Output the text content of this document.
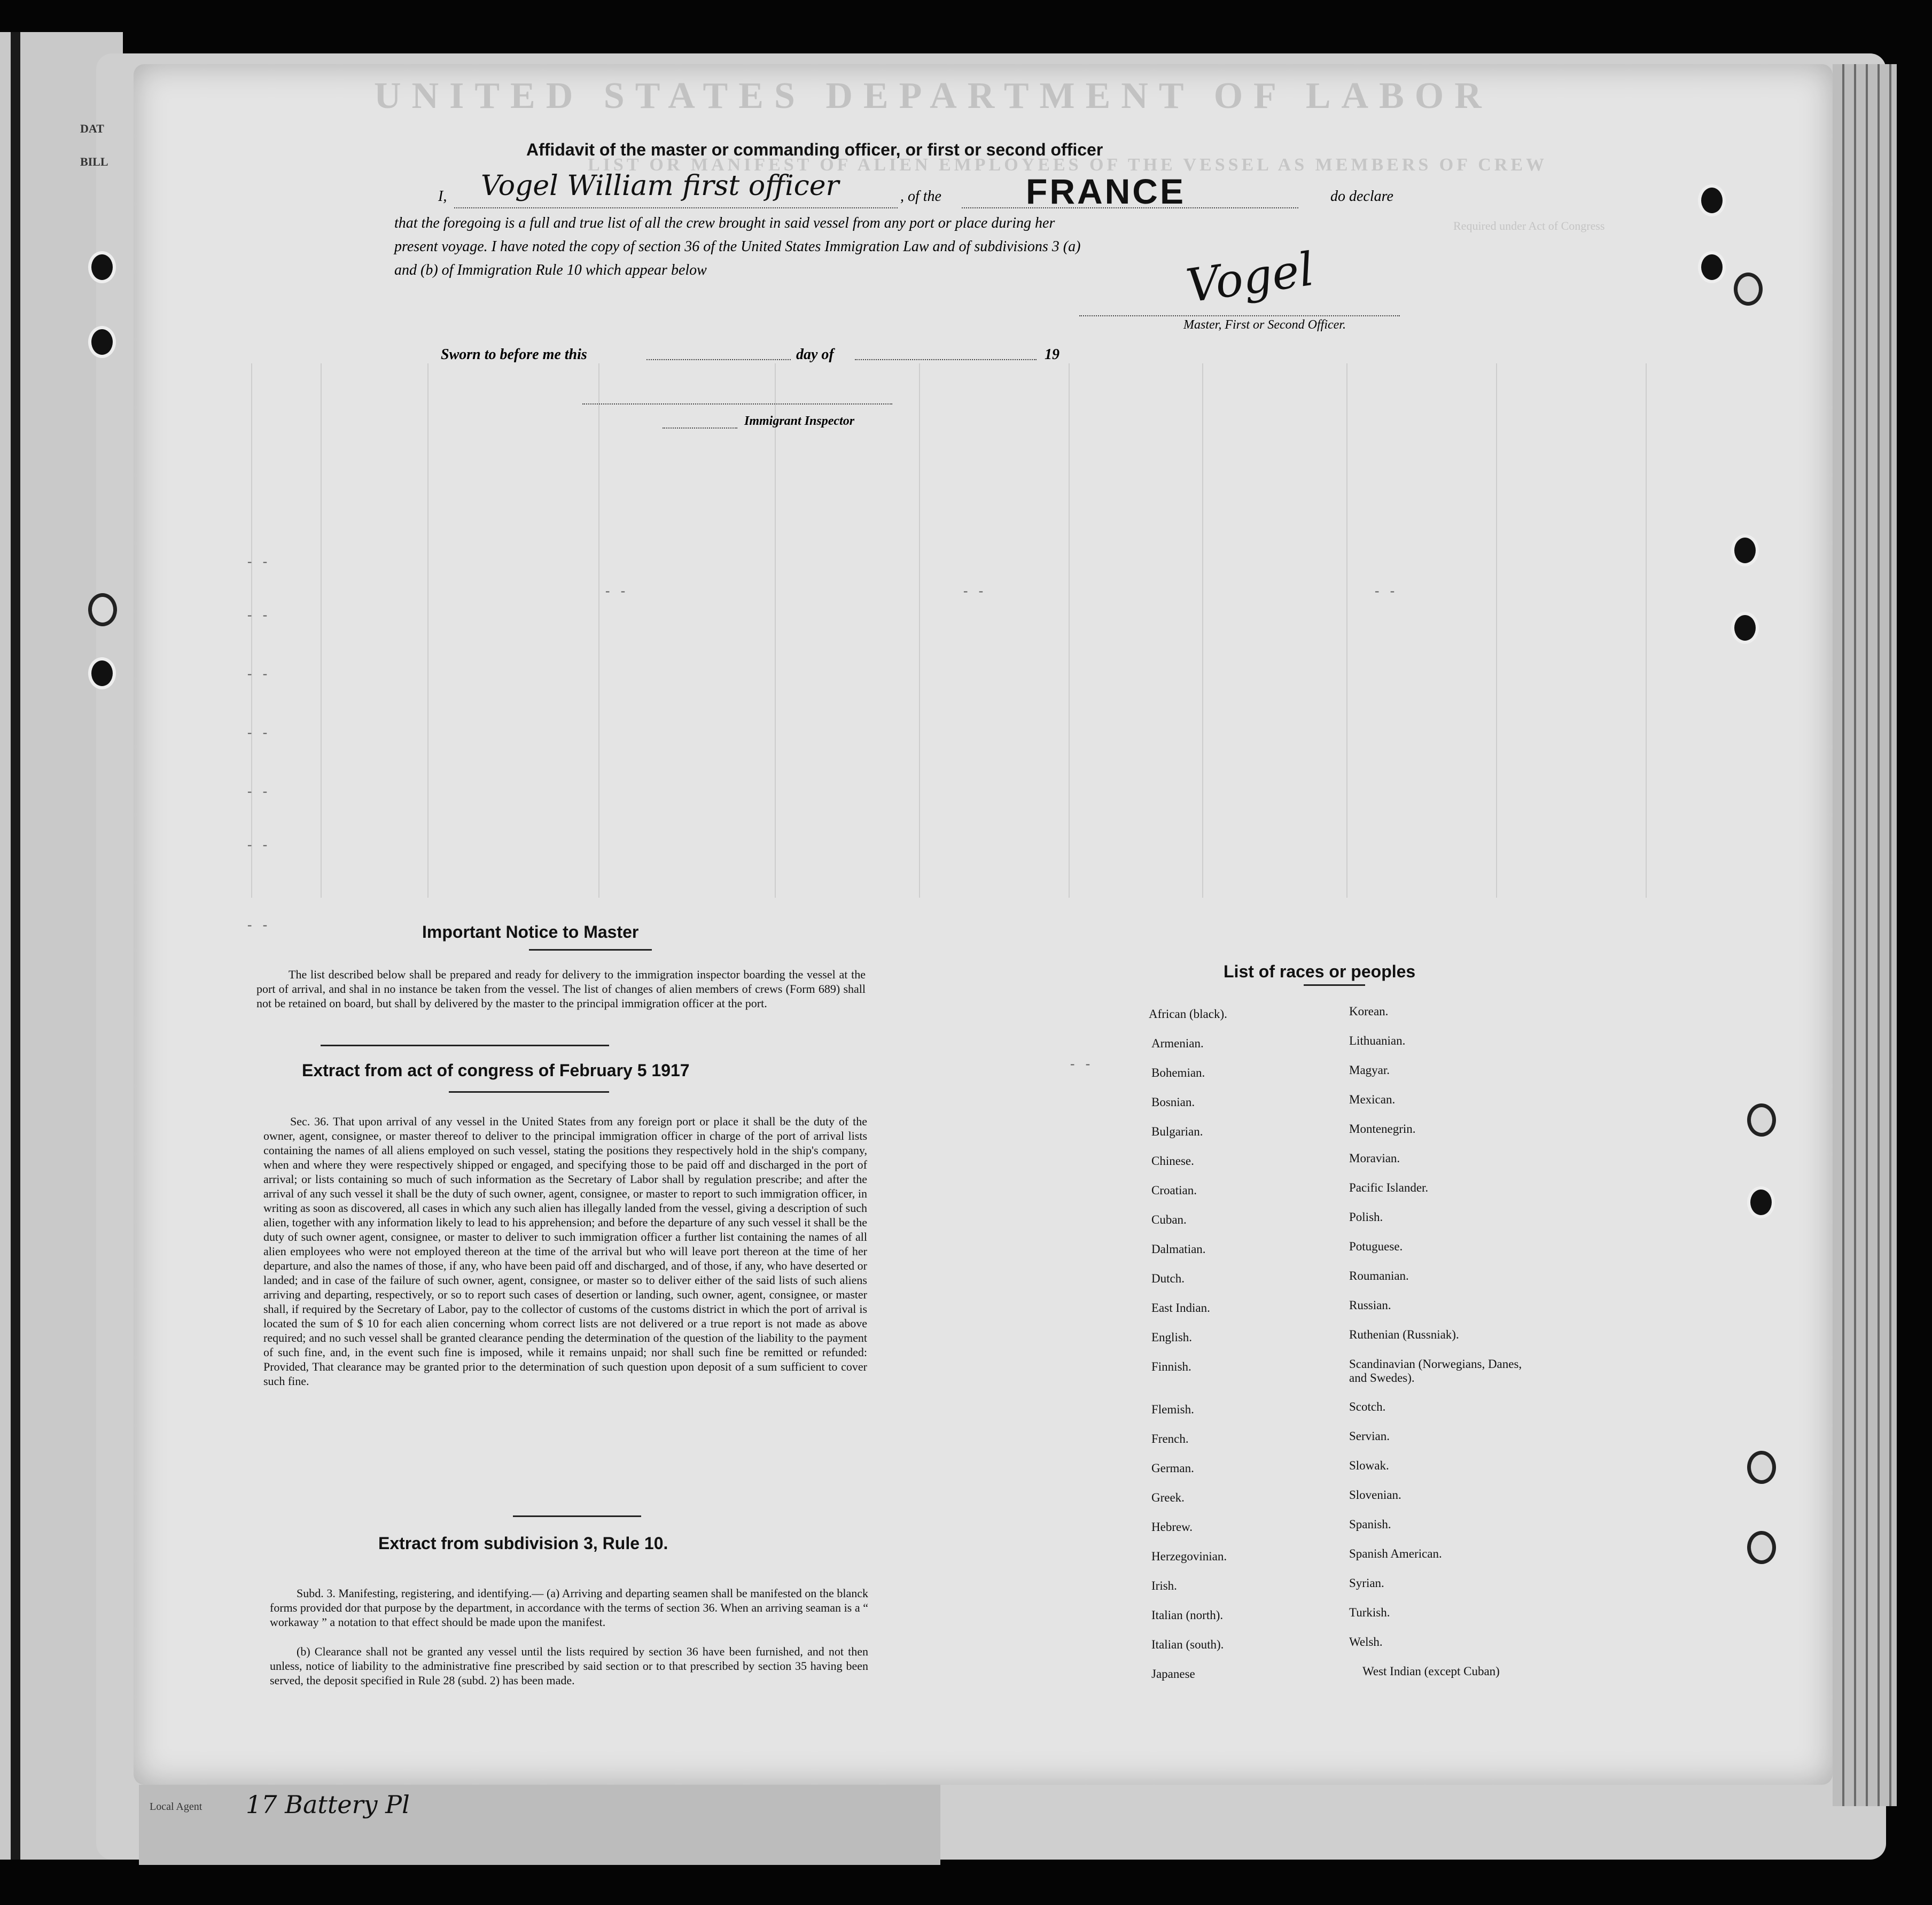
Local Agent 17 Battery Pl
DAT
BILL
UNITED STATES DEPARTMENT OF LABOR
LIST OR MANIFEST OF ALIEN EMPLOYEES OF THE VESSEL AS MEMBERS OF CREW
Required under Act of Congress
- -
- -
- -
- -
- -
- -
- -
- -	- -
- -
- -
Affidavit of the master or commanding officer, or first or second officer
I, Vogel William first officer	, of the FRANCE	do declare
that the foregoing is a full and true list of all the crew brought in said vessel from any port or place during her
present voyage. I have noted the copy of section 36 of the United States Immigration Law and of subdivisions 3 (a)
and (b) of Immigration Rule 10 which appear below	Vogel
Master, First or Second Officer.
Sworn to before me this	day of	19
Immigrant Inspector
Important Notice to Master
The list described below shall be prepared and ready for delivery to the immigration inspector boarding the vessel at the port of arrival, and shal in no instance be taken from the vessel. The list of changes of alien members of crews (Form 689) shall not be retained on board, but shall by delivered by the master to the principal immigration officer at the port.
Extract from act of congress of February 5 1917
Sec. 36. That upon arrival of any vessel in the United States from any foreign port or place it shall be the duty of the owner, agent, consignee, or master thereof to deliver to the principal immigration officer in charge of the port of arrival lists containing the names of all aliens employed on such vessel, stating the positions they respectively hold in the ship's company, when and where they were respectively shipped or engaged, and specifying those to be paid off and discharged in the port of arrival; or lists containing so much of such information as the Secretary of Labor shall by regulation prescribe; and after the arrival of any such vessel it shall be the duty of such owner, agent, consignee, or master to report to such immigration officer, in writing as soon as discovered, all cases in which any such alien has illegally landed from the vessel, giving a description of such alien, together with any information likely to lead to his apprehension; and before the departure of any such vessel it shall be the duty of such owner agent, consignee, or master to deliver to such immigration officer a further list containing the names of all alien employees who were not employed thereon at the time of the arrival but who will leave port thereon at the time of her departure, and also the names of those, if any, who have been paid off and discharged, and of those, if any, who have deserted or landed; and in case of the failure of such owner, agent, consignee, or master so to deliver either of the said lists of such aliens arriving and departing, respectively, or so to report such cases of desertion or landing, such owner, agent, consignee, or master shall, if required by the Secretary of Labor, pay to the collector of customs of the customs district in which the port of arrival is located the sum of $ 10 for each alien concerning whom correct lists are not delivered or a true report is not made as above required; and no such vessel shall be granted clearance pending the determination of the question of the liability to the payment of such fine, and, in the event such fine is imposed, while it remains unpaid; nor shall such fine be remitted or refunded: Provided, That clearance may be granted prior to the determination of such question upon deposit of a sum sufficient to cover such fine.
Extract from subdivision 3, Rule 10.
Subd. 3. Manifesting, registering, and identifying.— (a) Arriving and departing seamen shall be manifested on the blanck forms provided dor that purpose by the department, in accordance with the terms of section 36. When an arriving seaman is a “ workaway ” a notation to that effect should be made upon the manifest.
(b) Clearance shall not be granted any vessel until the lists required by section 36 have been furnished, and not then unless, notice of liability to the administrative fine prescribed by said section or to that prescribed by section 35 having been served, the deposit specified in Rule 28 (subd. 2) has been made.
List of races or peoples
African (black).
Armenian.
Bohemian.
Bosnian.
Bulgarian.
Chinese.
Croatian.
Cuban.
Dalmatian.
Dutch.
East Indian.
English.
Finnish.
Flemish.
French.
German.
Greek.
Hebrew.
Herzegovinian.
Irish.
Italian (north).
Italian (south).
Japanese
Korean.
Lithuanian.
Magyar.
Mexican.
Montenegrin.
Moravian.
Pacific Islander.
Polish.
Potuguese.
Roumanian.
Russian.
Ruthenian (Russniak).
Scandinavian (Norwegians, Danes, and Swedes).
Scotch.
Servian.
Slowak.
Slovenian.
Spanish.
Spanish American.
Syrian.
Turkish.
Welsh.
West Indian (except Cuban)
